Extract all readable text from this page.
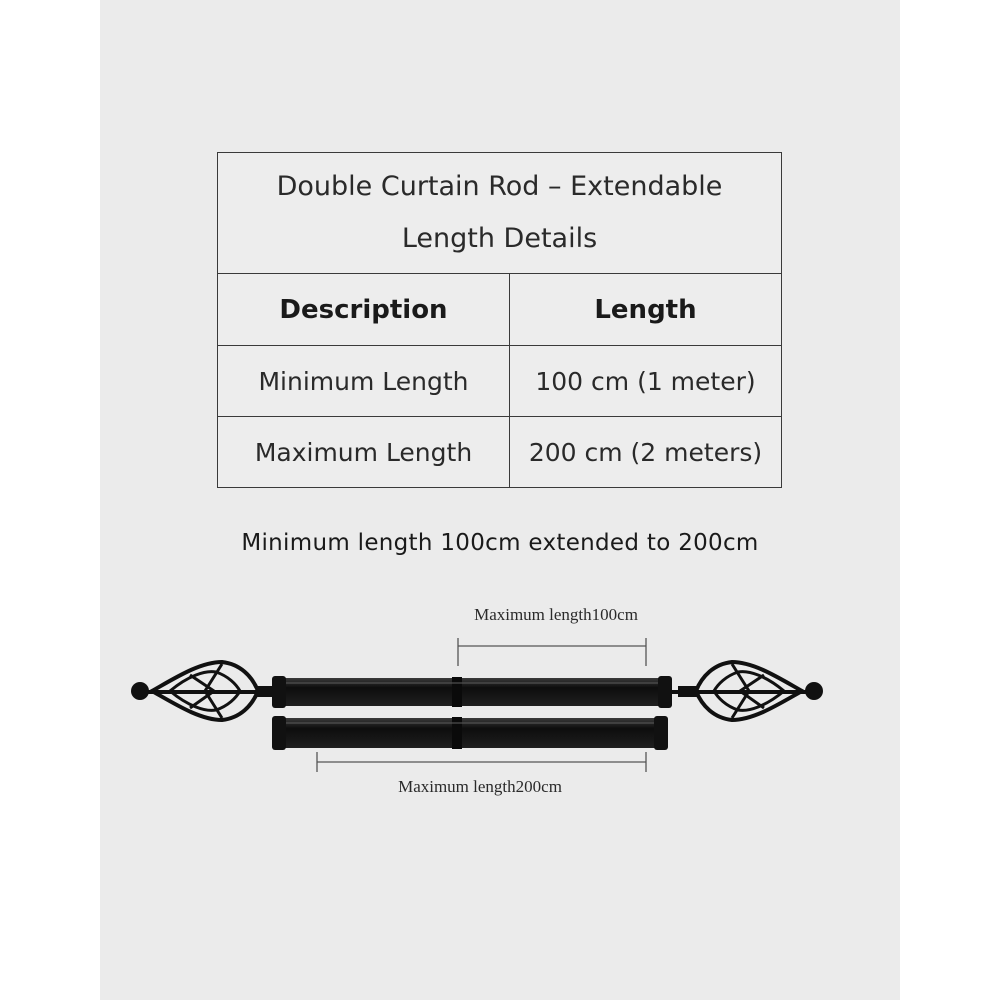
Double Curtain Rod – Extendable
Length Details	

Description	Length
Minimum Length	100 cm (1 meter)
Maximum Length	200 cm (2 meters)
Minimum length 100cm extended to 200cm
Maximum length100cm
Maximum length200cm
